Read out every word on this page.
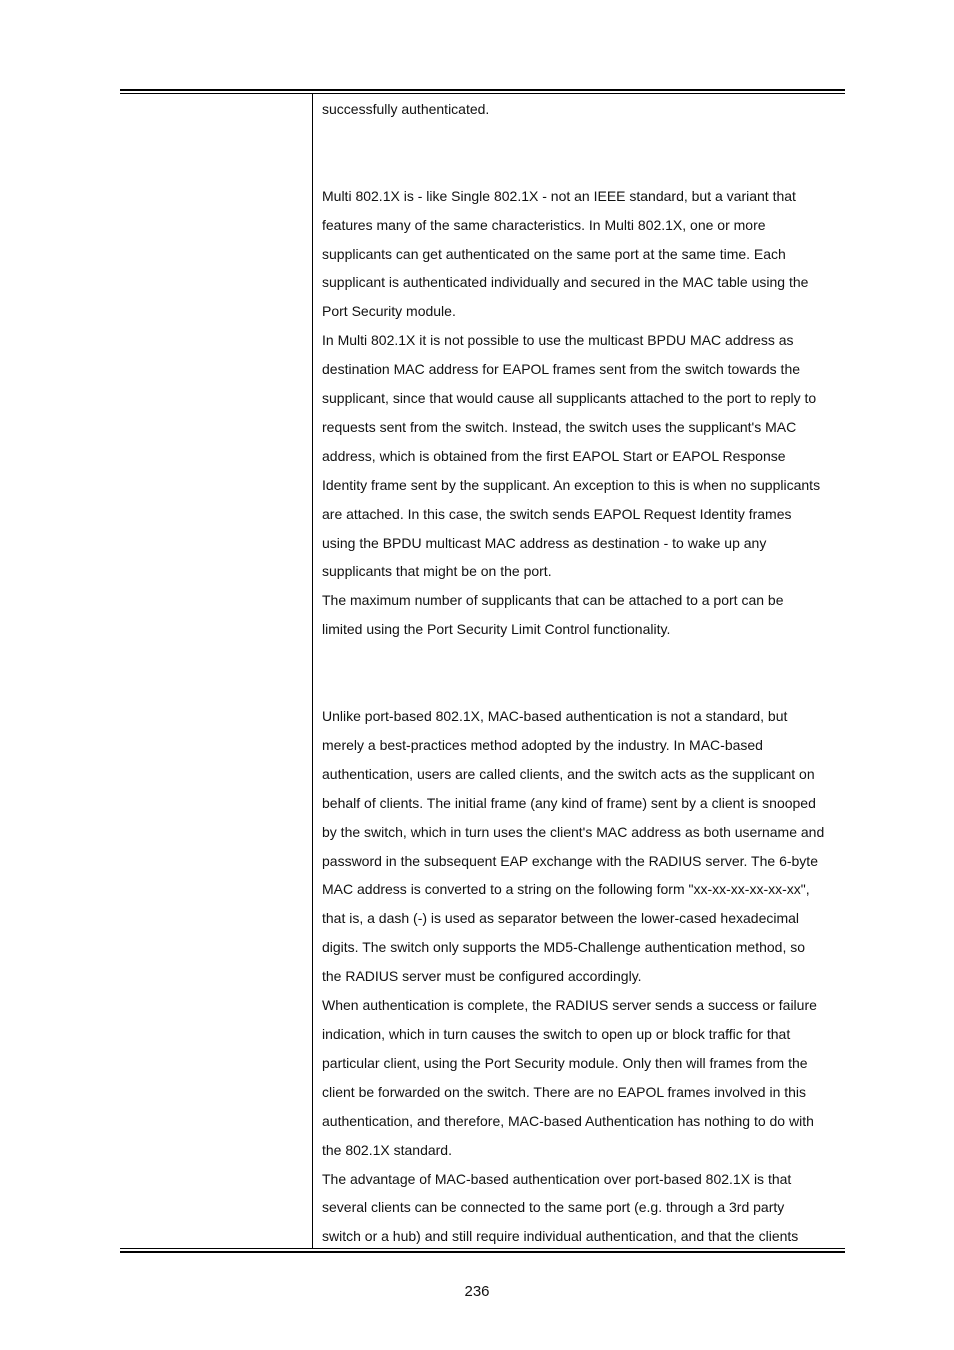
successfully authenticated.

Multi 802.1X is - like Single 802.1X - not an IEEE standard, but a variant that
features many of the same characteristics. In Multi 802.1X, one or more
supplicants can get authenticated on the same port at the same time. Each
supplicant is authenticated individually and secured in the MAC table using the
Port Security module.

In Multi 802.1X it is not possible to use the multicast BPDU MAC address as
destination MAC address for EAPOL frames sent from the switch towards the
supplicant, since that would cause all supplicants attached to the port to reply to
requests sent from the switch. Instead, the switch uses the supplicant's MAC
address, which is obtained from the first EAPOL Start or EAPOL Response
Identity frame sent by the supplicant. An exception to this is when no supplicants
are attached. In this case, the switch sends EAPOL Request Identity frames
using the BPDU multicast MAC address as destination - to wake up any
supplicants that might be on the port.

The maximum number of supplicants that can be attached to a port can be
limited using the Port Security Limit Control functionality.

Unlike port-based 802.1X, MAC-based authentication is not a standard, but
merely a best-practices method adopted by the industry. In MAC-based
authentication, users are called clients, and the switch acts as the supplicant on
behalf of clients. The initial frame (any kind of frame) sent by a client is snooped
by the switch, which in turn uses the client's MAC address as both username and
password in the subsequent EAP exchange with the RADIUS server. The 6-byte
MAC address is converted to a string on the following form "xx-xx-xx-xx-xx-xx",
that is, a dash (-) is used as separator between the lower-cased hexadecimal
digits. The switch only supports the MD5-Challenge authentication method, so
the RADIUS server must be configured accordingly.

When authentication is complete, the RADIUS server sends a success or failure
indication, which in turn causes the switch to open up or block traffic for that
particular client, using the Port Security module. Only then will frames from the
client be forwarded on the switch. There are no EAPOL frames involved in this
authentication, and therefore, MAC-based Authentication has nothing to do with
the 802.1X standard.

The advantage of MAC-based authentication over port-based 802.1X is that
several clients can be connected to the same port (e.g. through a 3rd party
switch or a hub) and still require individual authentication, and that the clients

236
